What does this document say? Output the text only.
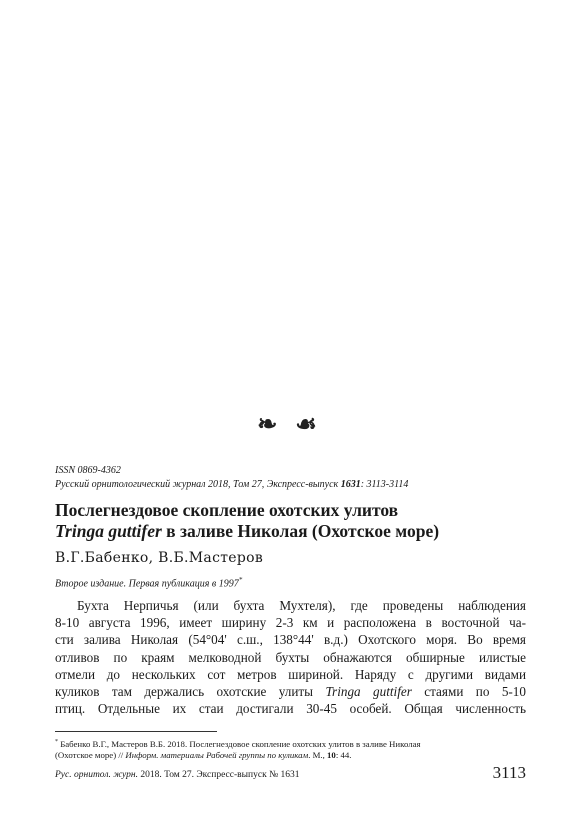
❧ ☙
ISSN 0869-4362
Русский орнитологический журнал 2018, Том 27, Экспресс-выпуск 1631: 3113-3114
Послегнездовое скопление охотских улитов
Tringa guttifer в заливе Николая (Охотское море)
В.Г.Бабенко, В.Б.Мастеров
Второе издание. Первая публикация в 1997*
Бухта Нерпичья (или бухта Мухтеля), где проведены наблюдения
8-10 августа 1996, имеет ширину 2-3 км и расположена в восточной ча-
сти залива Николая (54°04' с.ш., 138°44' в.д.) Охотского моря. Во время
отливов по краям мелководной бухты обнажаются обширные илистые
отмели до нескольких сот метров шириной. Наряду с другими видами
куликов там держались охотские улиты Tringa guttifer стаями по 5-10
птиц. Отдельные их стаи достигали 30-45 особей. Общая численность
* Бабенко В.Г., Мастеров В.Б. 2018. Послегнездовое скопление охотских улитов в заливе Николая
(Охотское море) // Информ. материалы Рабочей группы по куликам. М., 10: 44.
Рус. орнитол. журн. 2018. Том 27. Экспресс-выпуск № 1631	3113
